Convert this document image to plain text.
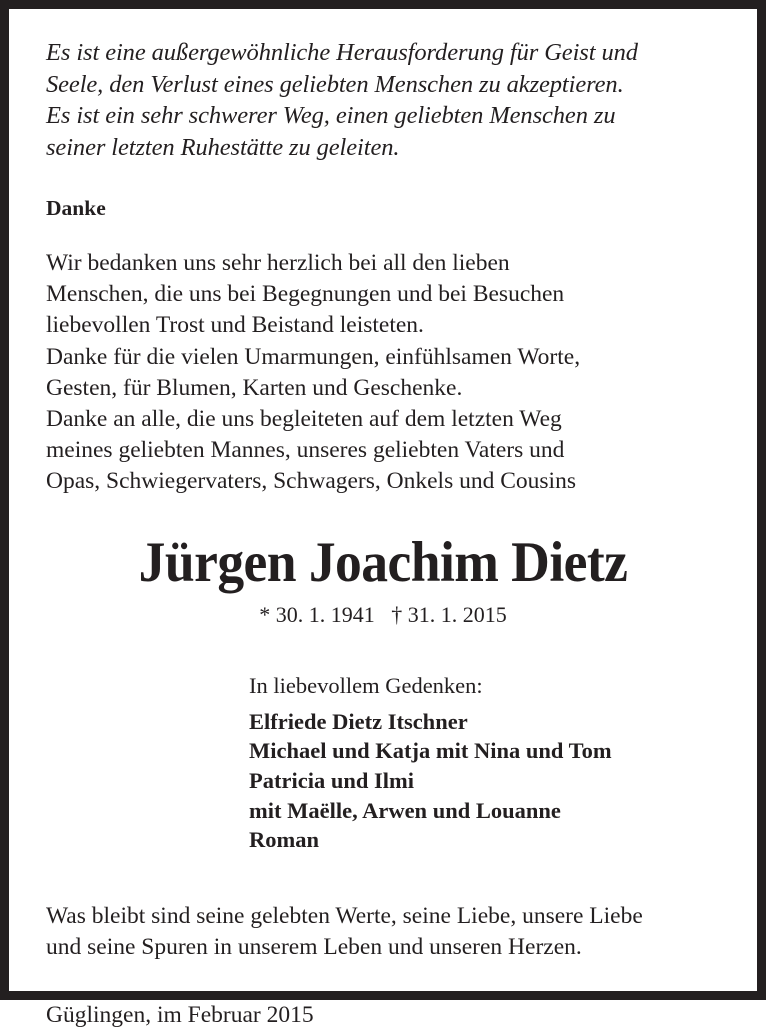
Es ist eine außergewöhnliche Herausforderung für Geist und
Seele, den Verlust eines geliebten Menschen zu akzeptieren.
Es ist ein sehr schwerer Weg, einen geliebten Menschen zu
seiner letzten Ruhestätte zu geleiten.
Danke
Wir bedanken uns sehr herzlich bei all den lieben
Menschen, die uns bei Begegnungen und bei Besuchen
liebevollen Trost und Beistand leisteten.
Danke für die vielen Umarmungen, einfühlsamen Worte,
Gesten, für Blumen, Karten und Geschenke.
Danke an alle, die uns begleiteten auf dem letzten Weg
meines geliebten Mannes, unseres geliebten Vaters und
Opas, Schwiegervaters, Schwagers, Onkels und Cousins
Jürgen Joachim Dietz
* 30. 1. 1941   † 31. 1. 2015
In liebevollem Gedenken:
Elfriede Dietz Itschner
Michael und Katja mit Nina und Tom
Patricia und Ilmi
mit Maëlle, Arwen und Louanne
Roman
Was bleibt sind seine gelebten Werte, seine Liebe, unsere Liebe
und seine Spuren in unserem Leben und unseren Herzen.
Güglingen, im Februar 2015
